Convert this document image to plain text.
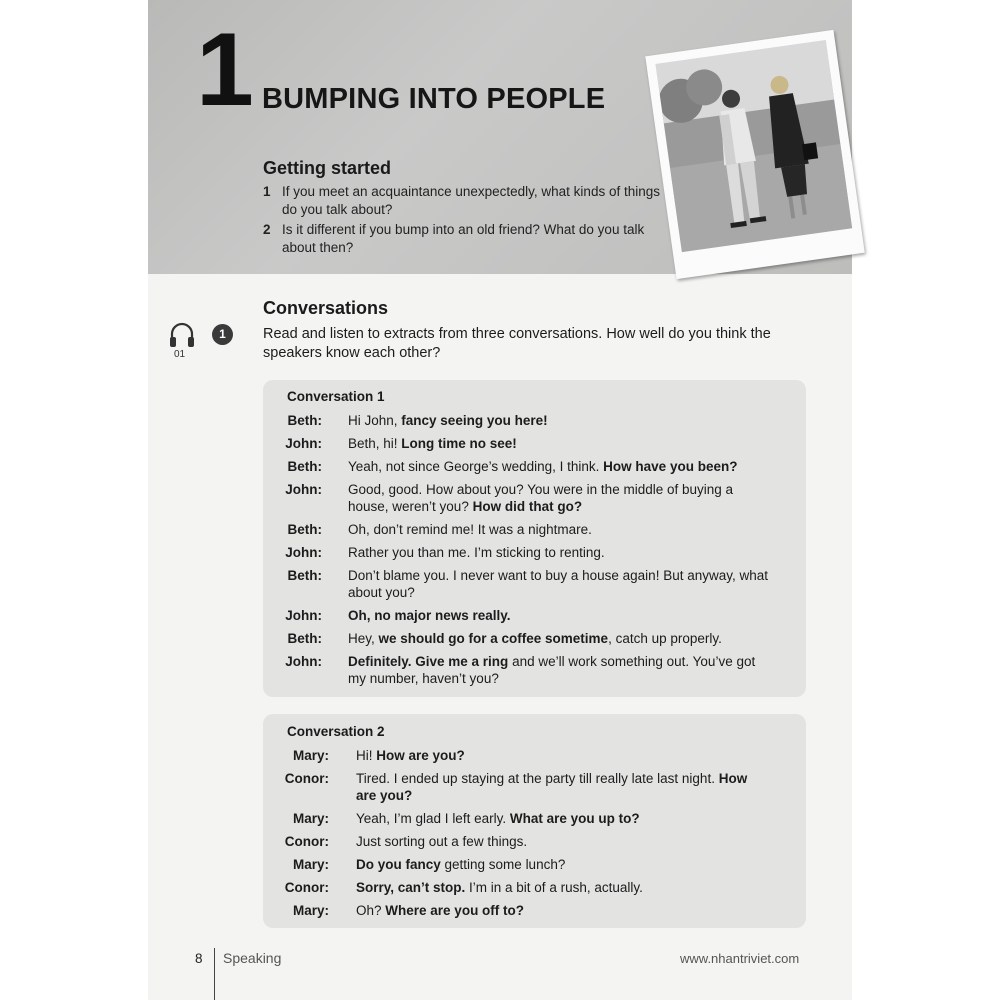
1 BUMPING INTO PEOPLE
Getting started
1 If you meet an acquaintance unexpectedly, what kinds of things do you talk about?
2 Is it different if you bump into an old friend? What do you talk about then?
Conversations
01
1	Read and listen to extracts from three conversations. How well do you think the speakers know each other?
Conversation 1
Beth: Hi John, fancy seeing you here!
John: Beth, hi! Long time no see!
Beth: Yeah, not since George’s wedding, I think. How have you been?
John: Good, good. How about you? You were in the middle of buying a
house, weren’t you? How did that go?
Beth: Oh, don’t remind me! It was a nightmare.
John: Rather you than me. I’m sticking to renting.
Beth: Don’t blame you. I never want to buy a house again! But anyway, what
about you?
John: Oh, no major news really.
Beth: Hey, we should go for a coffee sometime, catch up properly.
John: Definitely. Give me a ring and we’ll work something out. You’ve got
my number, haven’t you?
Conversation 2
Mary: Hi! How are you?
Conor: Tired. I ended up staying at the party till really late last night. How
are you?
Mary: Yeah, I’m glad I left early. What are you up to?
Conor: Just sorting out a few things.
Mary: Do you fancy getting some lunch?
Conor: Sorry, can’t stop. I’m in a bit of a rush, actually.
Mary: Oh? Where are you off to?
8 Speaking	www.nhantriviet.com
